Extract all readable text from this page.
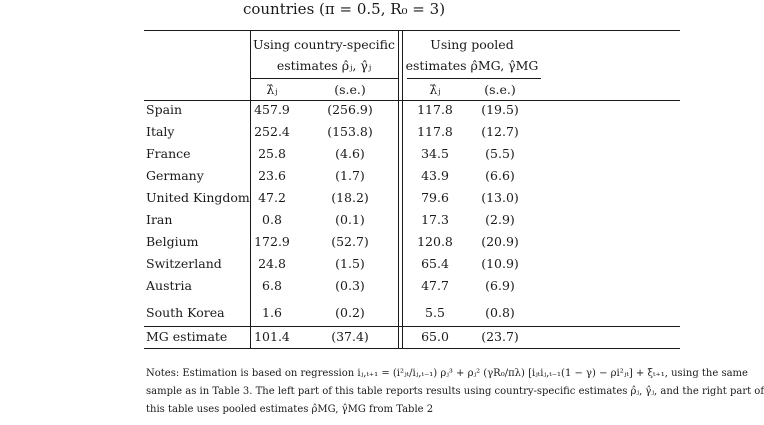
countries (π = 0.5, R₀ = 3)
Using country-specific
estimates ρ̂ⱼ, γ̂ⱼ
Using pooled
estimates ρ̂MG, γ̂MG
λ̂ⱼ	(s.e.)	λ̂ⱼ	(s.e.)
Spain	457.9	(256.9)	117.8	(19.5)
Italy	252.4	(153.8)	117.8	(12.7)
France	25.8	(4.6)	34.5	(5.5)
Germany	23.6	(1.7)	43.9	(6.6)
United Kingdom 47.2	(18.2)	79.6	(13.0)
Iran	0.8	(0.1)	17.3	(2.9)
Belgium	172.9	(52.7)	120.8	(20.9)
Switzerland	24.8	(1.5)	65.4	(10.9)
Austria	6.8	(0.3)	47.7	(6.9)
South Korea	1.6	(0.2)	5.5	(0.8)
MG estimate 101.4	(37.4)	65.0	(23.7)

Notes: Estimation is based on regression iⱼ,ₜ₊₁ = (i²ⱼₜ/iⱼ,ₜ₋₁) ρⱼ³ + ρⱼ² (γR₀/πλ) [iⱼₜiⱼ,ₜ₋₁(1 − γ) − ρi²ⱼₜ] + ξₜ₊₁, using the same

sample as in Table 3. The left part of this table reports results using country-specific estimates ρ̂ⱼ, γ̂ⱼ, and the right part of

this table uses pooled estimates ρ̂MG, γ̂MG from Table 2
